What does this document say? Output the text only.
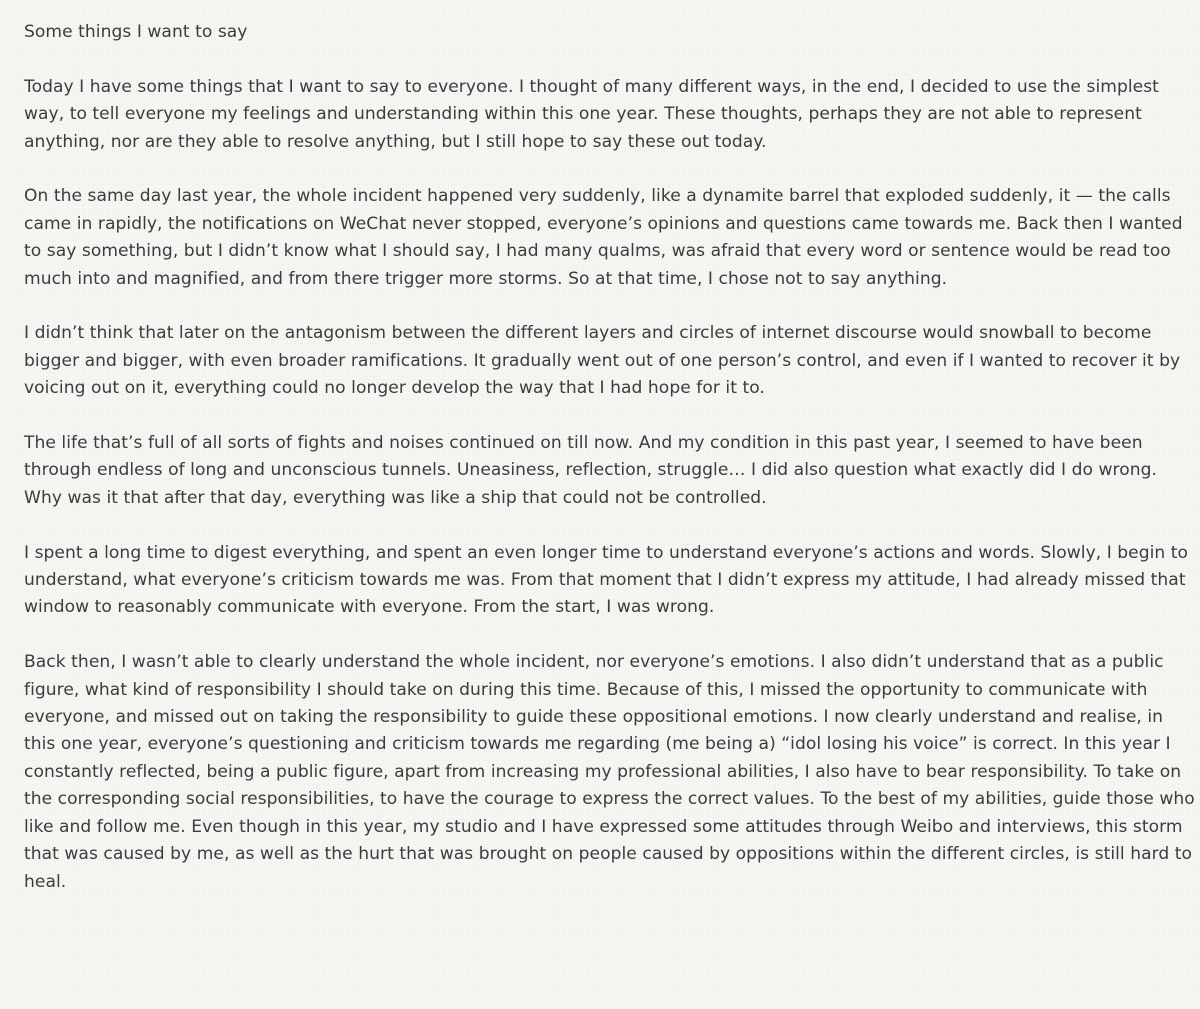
Some things I want to say
Today I have some things that I want to say to everyone. I thought of many different ways, in the end, I decided to use the simplest way, to tell everyone my feelings and understanding within this one year. These thoughts, perhaps they are not able to represent anything, nor are they able to resolve anything, but I still hope to say these out today.
On the same day last year, the whole incident happened very suddenly, like a dynamite barrel that exploded suddenly, it — the calls came in rapidly, the notifications on WeChat never stopped, everyone’s opinions and questions came towards me. Back then I wanted to say something, but I didn’t know what I should say, I had many qualms, was afraid that every word or sentence would be read too much into and magnified, and from there trigger more storms. So at that time, I chose not to say anything.
I didn’t think that later on the antagonism between the different layers and circles of internet discourse would snowball to become bigger and bigger, with even broader ramifications. It gradually went out of one person’s control, and even if I wanted to recover it by voicing out on it, everything could no longer develop the way that I had hope for it to.
The life that’s full of all sorts of fights and noises continued on till now. And my condition in this past year, I seemed to have been through endless of long and unconscious tunnels. Uneasiness, reflection, struggle… I did also question what exactly did I do wrong. Why was it that after that day, everything was like a ship that could not be controlled.
I spent a long time to digest everything, and spent an even longer time to understand everyone’s actions and words. Slowly, I begin to understand, what everyone’s criticism towards me was. From that moment that I didn’t express my attitude, I had already missed that window to reasonably communicate with everyone. From the start, I was wrong.
Back then, I wasn’t able to clearly understand the whole incident, nor everyone’s emotions. I also didn’t understand that as a public figure, what kind of responsibility I should take on during this time. Because of this, I missed the opportunity to communicate with everyone, and missed out on taking the responsibility to guide these oppositional emotions. I now clearly understand and realise, in this one year, everyone’s questioning and criticism towards me regarding (me being a) “idol losing his voice” is correct. In this year I constantly reflected, being a public figure, apart from increasing my professional abilities, I also have to bear responsibility. To take on the corresponding social responsibilities, to have the courage to express the correct values. To the best of my abilities, guide those who like and follow me. Even though in this year, my studio and I have expressed some attitudes through Weibo and interviews, this storm that was caused by me, as well as the hurt that was brought on people caused by oppositions within the different circles, is still hard to heal.
